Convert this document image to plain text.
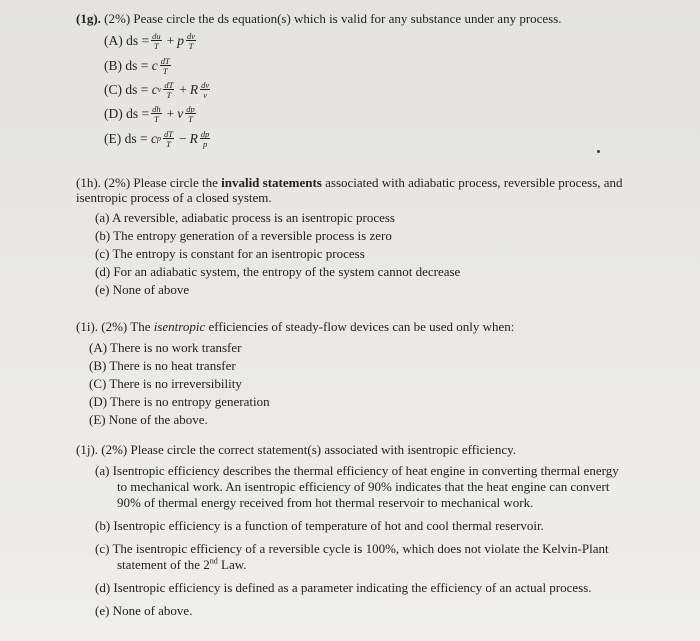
(1g). (2%) Pease circle the ds equation(s) which is valid for any substance under any process.
(A)
ds = $\frac{du}{T} + p \frac{dv}{T}$
(B)
ds =
c $\frac{dT}{T}$
(C)
ds =
c v $\frac{dT}{T} + R \frac{dv}{v}$
(D)
ds = $\frac{dh}{T} + v \frac{dp}{T}$
(E)
ds =
c p $\frac{dT}{T} - R \frac{dp}{p}$
(1h). (2%) Please circle the invalid statements associated with adiabatic process, reversible process, and
isentropic process of a closed system.
(a) A reversible, adiabatic process is an isentropic process
(b) The entropy generation of a reversible process is zero
(c) The entropy is constant for an isentropic process
(d) For an adiabatic system, the entropy of the system cannot decrease
(e) None of above
(1i). (2%) The isentropic efficiencies of steady-flow devices can be used only when:
(A) There is no work transfer
(B) There is no heat transfer
(C) There is no irreversibility
(D) There is no entropy generation
(E) None of the above.
(1j). (2%) Please circle the correct statement(s) associated with isentropic efficiency.
(a) Isentropic efficiency describes the thermal efficiency of heat engine in converting thermal energy
to mechanical work. An isentropic efficiency of 90% indicates that the heat engine can convert
90% of thermal energy received from hot thermal reservoir to mechanical work.
(b) Isentropic efficiency is a function of temperature of hot and cool thermal reservoir.
(c) The isentropic efficiency of a reversible cycle is 100%, which does not violate the Kelvin-Plant
statement of the 2nd Law.
(d) Isentropic efficiency is defined as a parameter indicating the efficiency of an actual process.
(e) None of above.
